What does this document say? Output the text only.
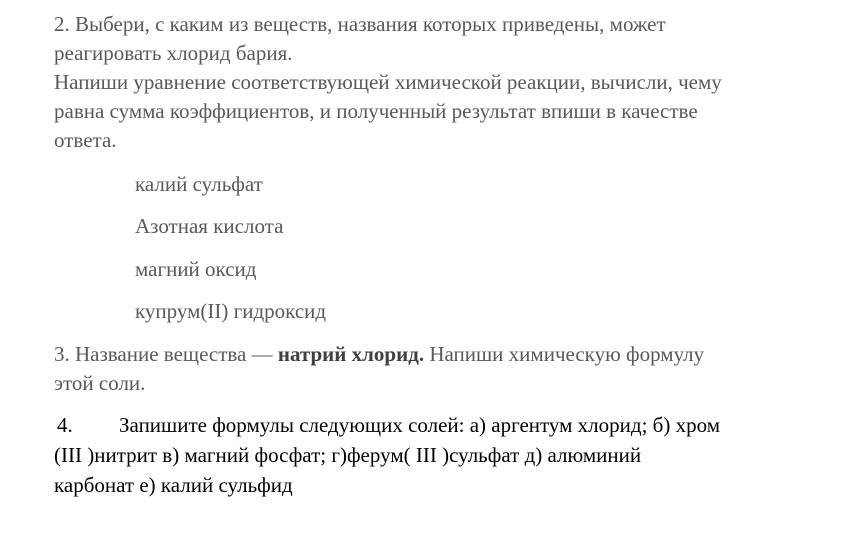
2. Выбери, с каким из веществ, названия которых приведены, может
реагировать хлорид бария.
Напиши уравнение соответствующей химической реакции, вычисли, чему
равна сумма коэффициентов, и полученный результат впиши в качестве
ответа.
калий сульфат
Азотная кислота
магний оксид
купрум(II) гидроксид
3. Название вещества — натрий хлорид. Напиши химическую формулу
этой соли.
4. Запишите формулы следующих солей: а) аргентум хлорид; б) хром
(III )нитрит в) магний фосфат; г)ферум( III )сульфат д) алюминий
карбонат е) калий сульфид
